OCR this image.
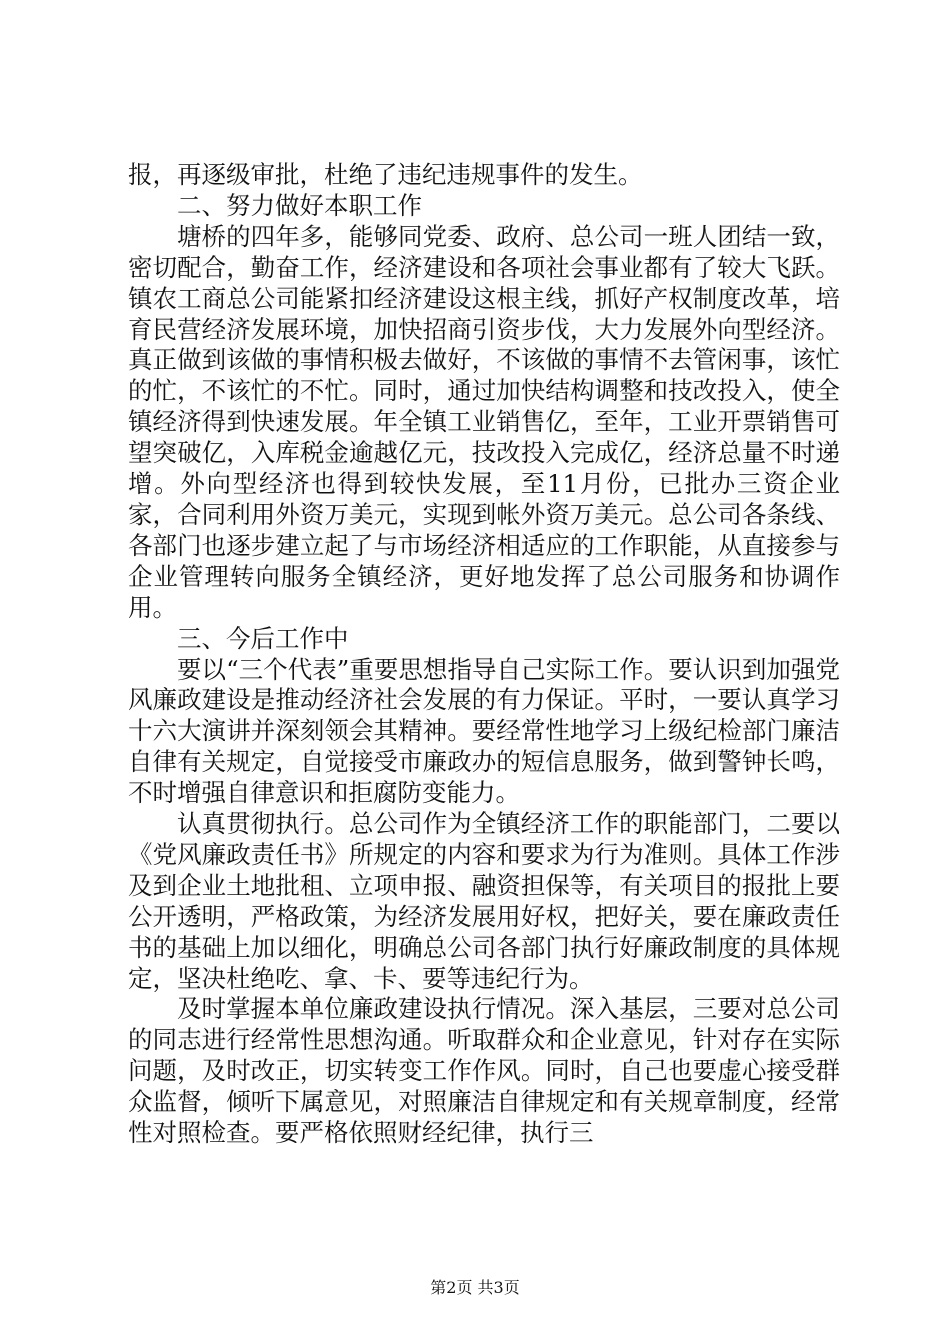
报，再逐级审批，杜绝了违纪违规事件的发生。

二、努力做好本职工作

塘桥的四年多，能够同党委、政府、总公司一班人团结一致，密切配合，勤奋工作，经济建设和各项社会事业都有了较大飞跃。镇农工商总公司能紧扣经济建设这根主线，抓好产权制度改革，培育民营经济发展环境，加快招商引资步伐，大力发展外向型经济。真正做到该做的事情积极去做好，不该做的事情不去管闲事，该忙的忙，不该忙的不忙。同时，通过加快结构调整和技改投入，使全镇经济得到快速发展。年全镇工业销售亿，至年，工业开票销售可望突破亿，入库税金逾越亿元，技改投入完成亿，经济总量不时递增。外向型经济也得到较快发展，至11月份，已批办三资企业家，合同利用外资万美元，实现到帐外资万美元。总公司各条线、各部门也逐步建立起了与市场经济相适应的工作职能，从直接参与企业管理转向服务全镇经济，更好地发挥了总公司服务和协调作用。

三、今后工作中

要以“三个代表”重要思想指导自己实际工作。要认识到加强党风廉政建设是推动经济社会发展的有力保证。平时，一要认真学习十六大演讲并深刻领会其精神。要经常性地学习上级纪检部门廉洁自律有关规定，自觉接受市廉政办的短信息服务，做到警钟长鸣，不时增强自律意识和拒腐防变能力。

认真贯彻执行。总公司作为全镇经济工作的职能部门，二要以《党风廉政责任书》所规定的内容和要求为行为准则。具体工作涉及到企业土地批租、立项申报、融资担保等，有关项目的报批上要公开透明，严格政策，为经济发展用好权，把好关，要在廉政责任书的基础上加以细化，明确总公司各部门执行好廉政制度的具体规定，坚决杜绝吃、拿、卡、要等违纪行为。

及时掌握本单位廉政建设执行情况。深入基层，三要对总公司的同志进行经常性思想沟通。听取群众和企业意见，针对存在实际问题，及时改正，切实转变工作作风。同时，自己也要虚心接受群众监督，倾听下属意见，对照廉洁自律规定和有关规章制度，经常性对照检查。要严格依照财经纪律，执行三

第2页 共3页
